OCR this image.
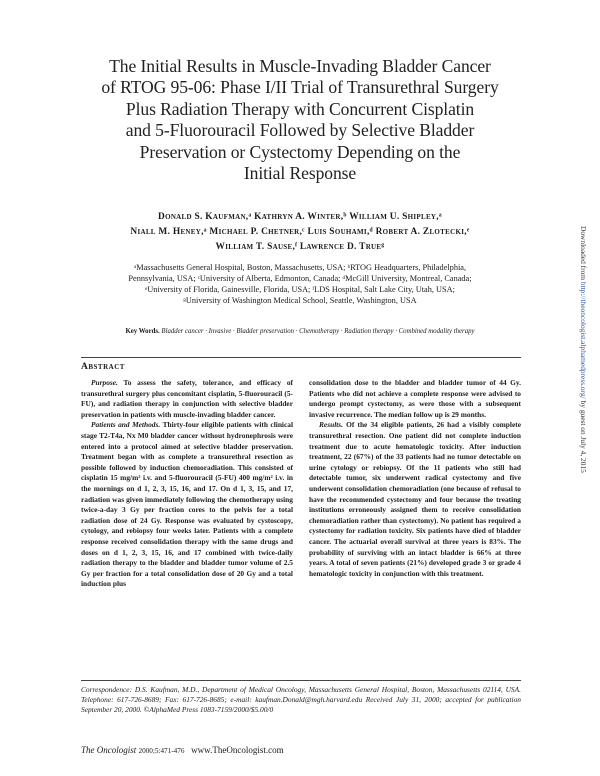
The Initial Results in Muscle-Invading Bladder Cancer
of RTOG 95-06: Phase I/II Trial of Transurethral Surgery
Plus Radiation Therapy with Concurrent Cisplatin
and 5-Fluorouracil Followed by Selective Bladder
Preservation or Cystectomy Depending on the
Initial Response
Donald S. Kaufman,ᵃ Kathryn A. Winter,ᵇ William U. Shipley,ᵃ
Niall M. Heney,ᵃ Michael P. Chetner,ᶜ Luis Souhami,ᵈ Robert A. Zlotecki,ᵉ
William T. Sause,ᶠ Lawrence D. Trueᵍ
ᵃMassachusetts General Hospital, Boston, Massachusetts, USA; ᵇRTOG Headquarters, Philadelphia,
Pennsylvania, USA; ᶜUniversity of Alberta, Edmonton, Canada; ᵈMcGill University, Montreal, Canada;
ᵉUniversity of Florida, Gainesville, Florida, USA; ᶠLDS Hospital, Salt Lake City, Utah, USA;
ᵍUniversity of Washington Medical School, Seattle, Washington, USA
Key Words. Bladder cancer · Invasive · Bladder preservation · Chemotherapy · Radiation therapy · Combined modality therapy
Abstract

Purpose. To assess the safety, tolerance, and efficacy of transurethral surgery plus concomitant cisplatin, 5-fluorouracil (5-FU), and radiation therapy in conjunction with selective bladder preservation in patients with muscle-invading bladder cancer.

Patients and Methods. Thirty-four eligible patients with clinical stage T2-T4a, Nx M0 bladder cancer without hydronephrosis were entered into a protocol aimed at selective bladder preservation. Treatment began with as complete a transurethral resection as possible followed by induction chemoradiation. This consisted of cisplatin 15 mg/m² i.v. and 5-fluorouracil (5-FU) 400 mg/m² i.v. in the mornings on d 1, 2, 3, 15, 16, and 17. On d 1, 3, 15, and 17, radiation was given immediately following the chemotherapy using twice-a-day 3 Gy per fraction cores to the pelvis for a total radiation dose of 24 Gy. Response was evaluated by cystoscopy, cytology, and rebiopsy four weeks later. Patients with a complete response received consolidation therapy with the same drugs and doses on d 1, 2, 3, 15, 16, and 17 combined with twice-daily radiation therapy to the bladder and bladder tumor volume of 2.5 Gy per fraction for a total consolidation dose of 20 Gy and a total induction plus

consolidation dose to the bladder and bladder tumor of 44 Gy. Patients who did not achieve a complete response were advised to undergo prompt cystectomy, as were those with a subsequent invasive recurrence. The median follow up is 29 months.

Results. Of the 34 eligible patients, 26 had a visibly complete transurethral resection. One patient did not complete induction treatment due to acute hematologic toxicity. After induction treatment, 22 (67%) of the 33 patients had no tumor detectable on urine cytology or rebiopsy. Of the 11 patients who still had detectable tumor, six underwent radical cystectomy and five underwent consolidation chemoradiation (one because of refusal to have the recommended cystectomy and four because the treating institutions erroneously assigned them to receive consolidation chemoradiation rather than cystectomy). No patient has required a cystectomy for radiation toxicity. Six patients have died of bladder cancer. The actuarial overall survival at three years is 83%. The probability of surviving with an intact bladder is 66% at three years. A total of seven patients (21%) developed grade 3 or grade 4 hematologic toxicity in conjunction with this treatment.

Correspondence: D.S. Kaufman, M.D., Department of Medical Oncology, Massachusetts General Hospital, Boston, Massachusetts 02114, USA. Telephone: 617-726-8689; Fax: 617-726-8685; e-mail: kaufman.Donald@mgh.harvard.edu Received July 31, 2000; accepted for publication September 20, 2000. ©AlphaMed Press 1083-7159/2000/$5.00/0
The Oncologist 2000;5:471-476 www.TheOncologist.com
Downloaded from http://theoncologist.alphamedpress.org/ by guest on July 4, 2015
